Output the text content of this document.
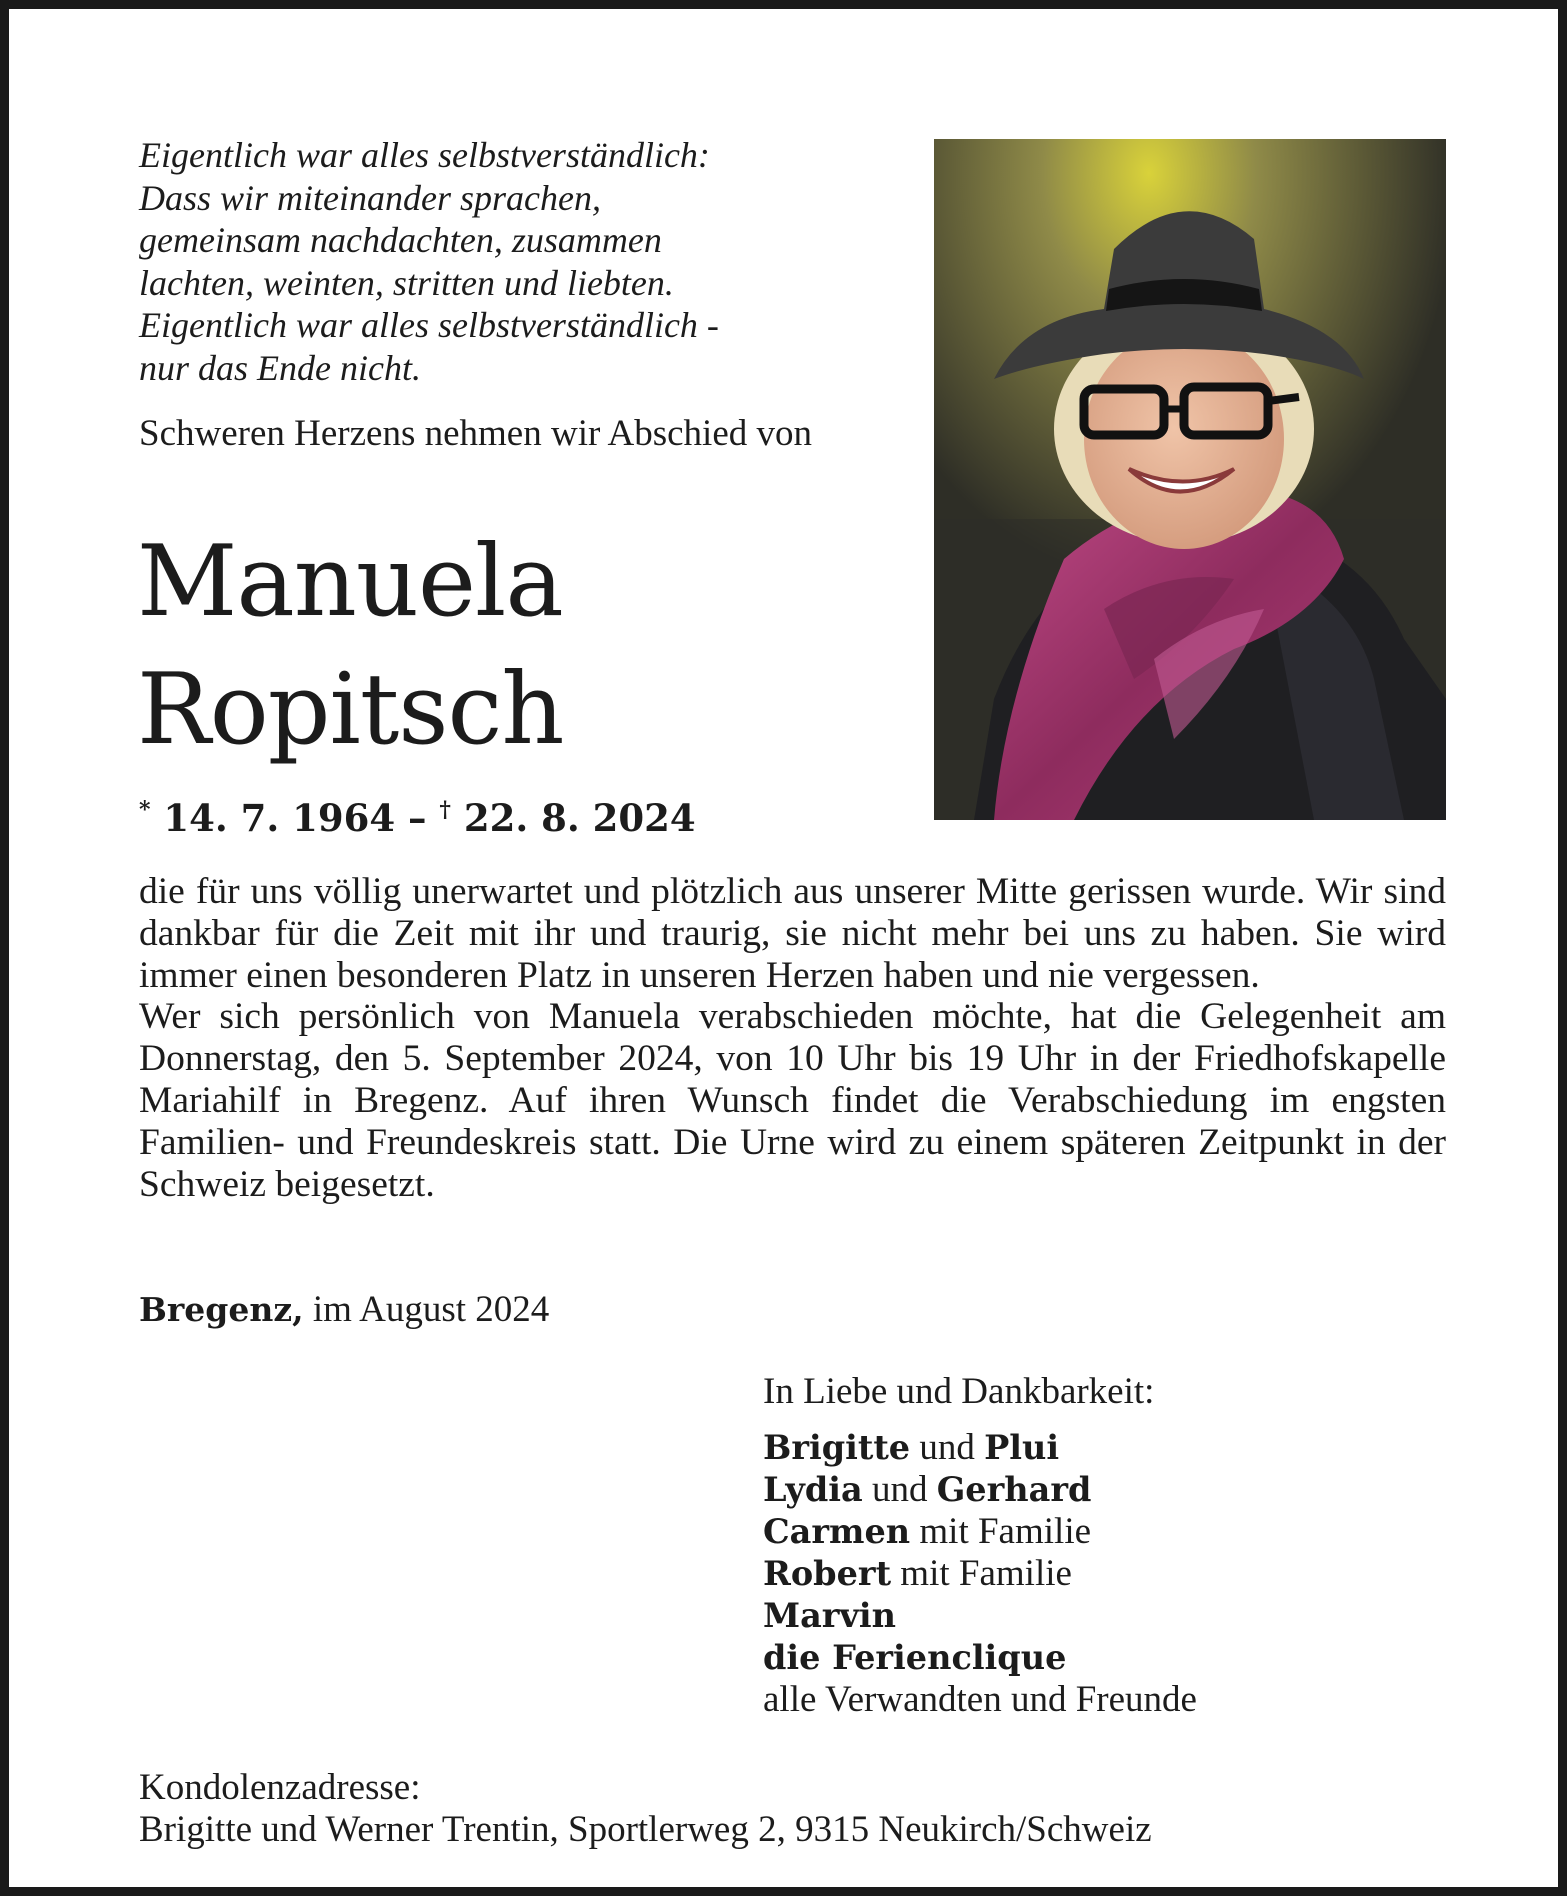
Eigentlich war alles selbstverständlich:
Dass wir miteinander sprachen,
gemeinsam nachdachten, zusammen
lachten, weinten, stritten und liebten.
Eigentlich war alles selbstverständlich -
nur das Ende nicht.
Schweren Herzens nehmen wir Abschied von
Manuela
Ropitsch
* 14. 7. 1964 – † 22. 8. 2024

die für uns völlig unerwartet und plötzlich aus unserer Mitte gerissen wurde. Wir sind dankbar für die Zeit mit ihr und traurig, sie nicht mehr bei uns zu haben. Sie wird immer einen besonderen Platz in unseren Herzen haben und nie vergessen.

Wer sich persönlich von Manuela verabschieden möchte, hat die Gelegenheit am Donnerstag, den 5. September 2024, von 10 Uhr bis 19 Uhr in der Friedhofskapelle Mariahilf in Bregenz. Auf ihren Wunsch findet die Verabschiedung im engsten Familien- und Freundeskreis statt. Die Urne wird zu einem späteren Zeitpunkt in der Schweiz beigesetzt.

Bregenz, im August 2024
In Liebe und Dankbarkeit:
Brigitte und Plui
Lydia und Gerhard
Carmen mit Familie
Robert mit Familie
Marvin
die Ferienclique
alle Verwandten und Freunde
Kondolenzadresse:
Brigitte und Werner Trentin, Sportlerweg 2, 9315 Neukirch/Schweiz
